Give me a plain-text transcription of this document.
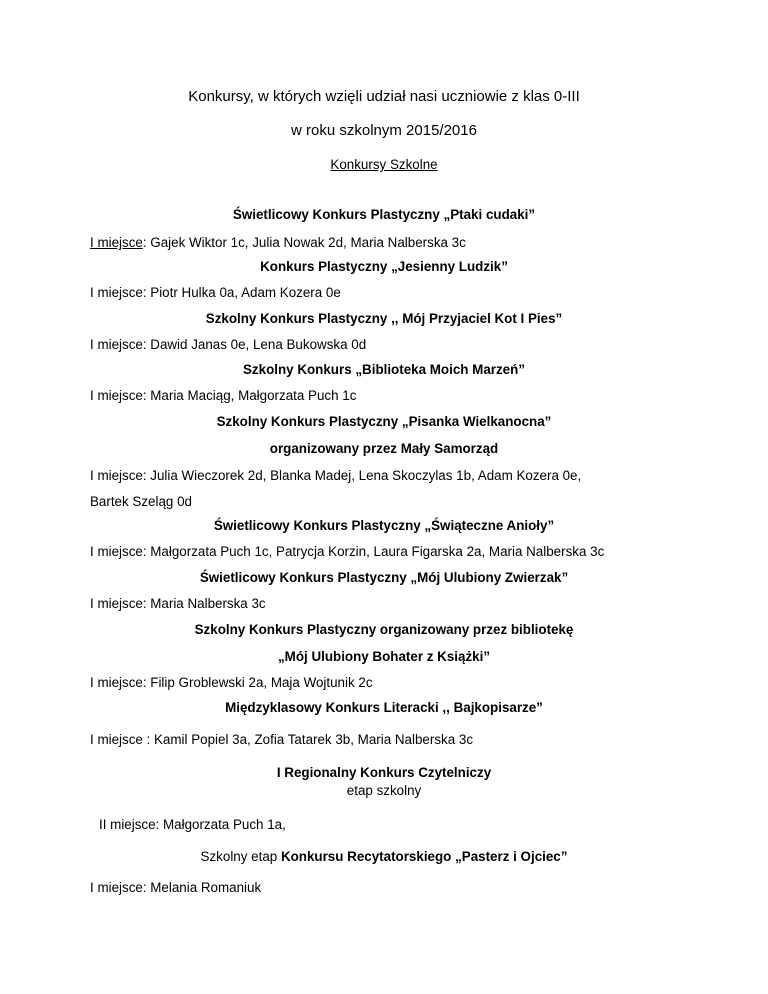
Konkursy, w których wzięli udział nasi uczniowie z klas 0-III
w roku szkolnym 2015/2016
Konkursy Szkolne
Świetlicowy Konkurs Plastyczny „Ptaki cudaki”
I miejsce: Gajek Wiktor 1c, Julia Nowak 2d, Maria Nalberska 3c
Konkurs Plastyczny „Jesienny Ludzik”
I miejsce: Piotr Hulka 0a, Adam Kozera 0e
Szkolny Konkurs Plastyczny ,, Mój Przyjaciel Kot I Pies”
I miejsce: Dawid Janas 0e, Lena Bukowska 0d
Szkolny Konkurs „Biblioteka Moich Marzeń”
I miejsce: Maria Maciąg, Małgorzata Puch 1c
Szkolny Konkurs Plastyczny „Pisanka Wielkanocna”
organizowany przez Mały Samorząd
I miejsce: Julia Wieczorek 2d, Blanka Madej, Lena Skoczylas 1b, Adam Kozera 0e,
Bartek Szeląg 0d
Świetlicowy Konkurs Plastyczny „Świąteczne Anioły”
I miejsce: Małgorzata Puch 1c, Patrycja Korzin, Laura Figarska 2a, Maria Nalberska 3c
Świetlicowy Konkurs Plastyczny „Mój Ulubiony Zwierzak”
I miejsce: Maria Nalberska 3c
Szkolny Konkurs Plastyczny organizowany przez bibliotekę
„Mój Ulubiony Bohater z Książki”
I miejsce: Filip Groblewski 2a, Maja Wojtunik 2c
Międzyklasowy Konkurs Literacki ,, Bajkopisarze”
I miejsce : Kamil Popiel 3a, Zofia Tatarek 3b, Maria Nalberska 3c
I Regionalny Konkurs Czytelniczy
etap szkolny
II miejsce: Małgorzata Puch 1a,
Szkolny etap Konkursu Recytatorskiego „Pasterz i Ojciec”
I miejsce: Melania Romaniuk
